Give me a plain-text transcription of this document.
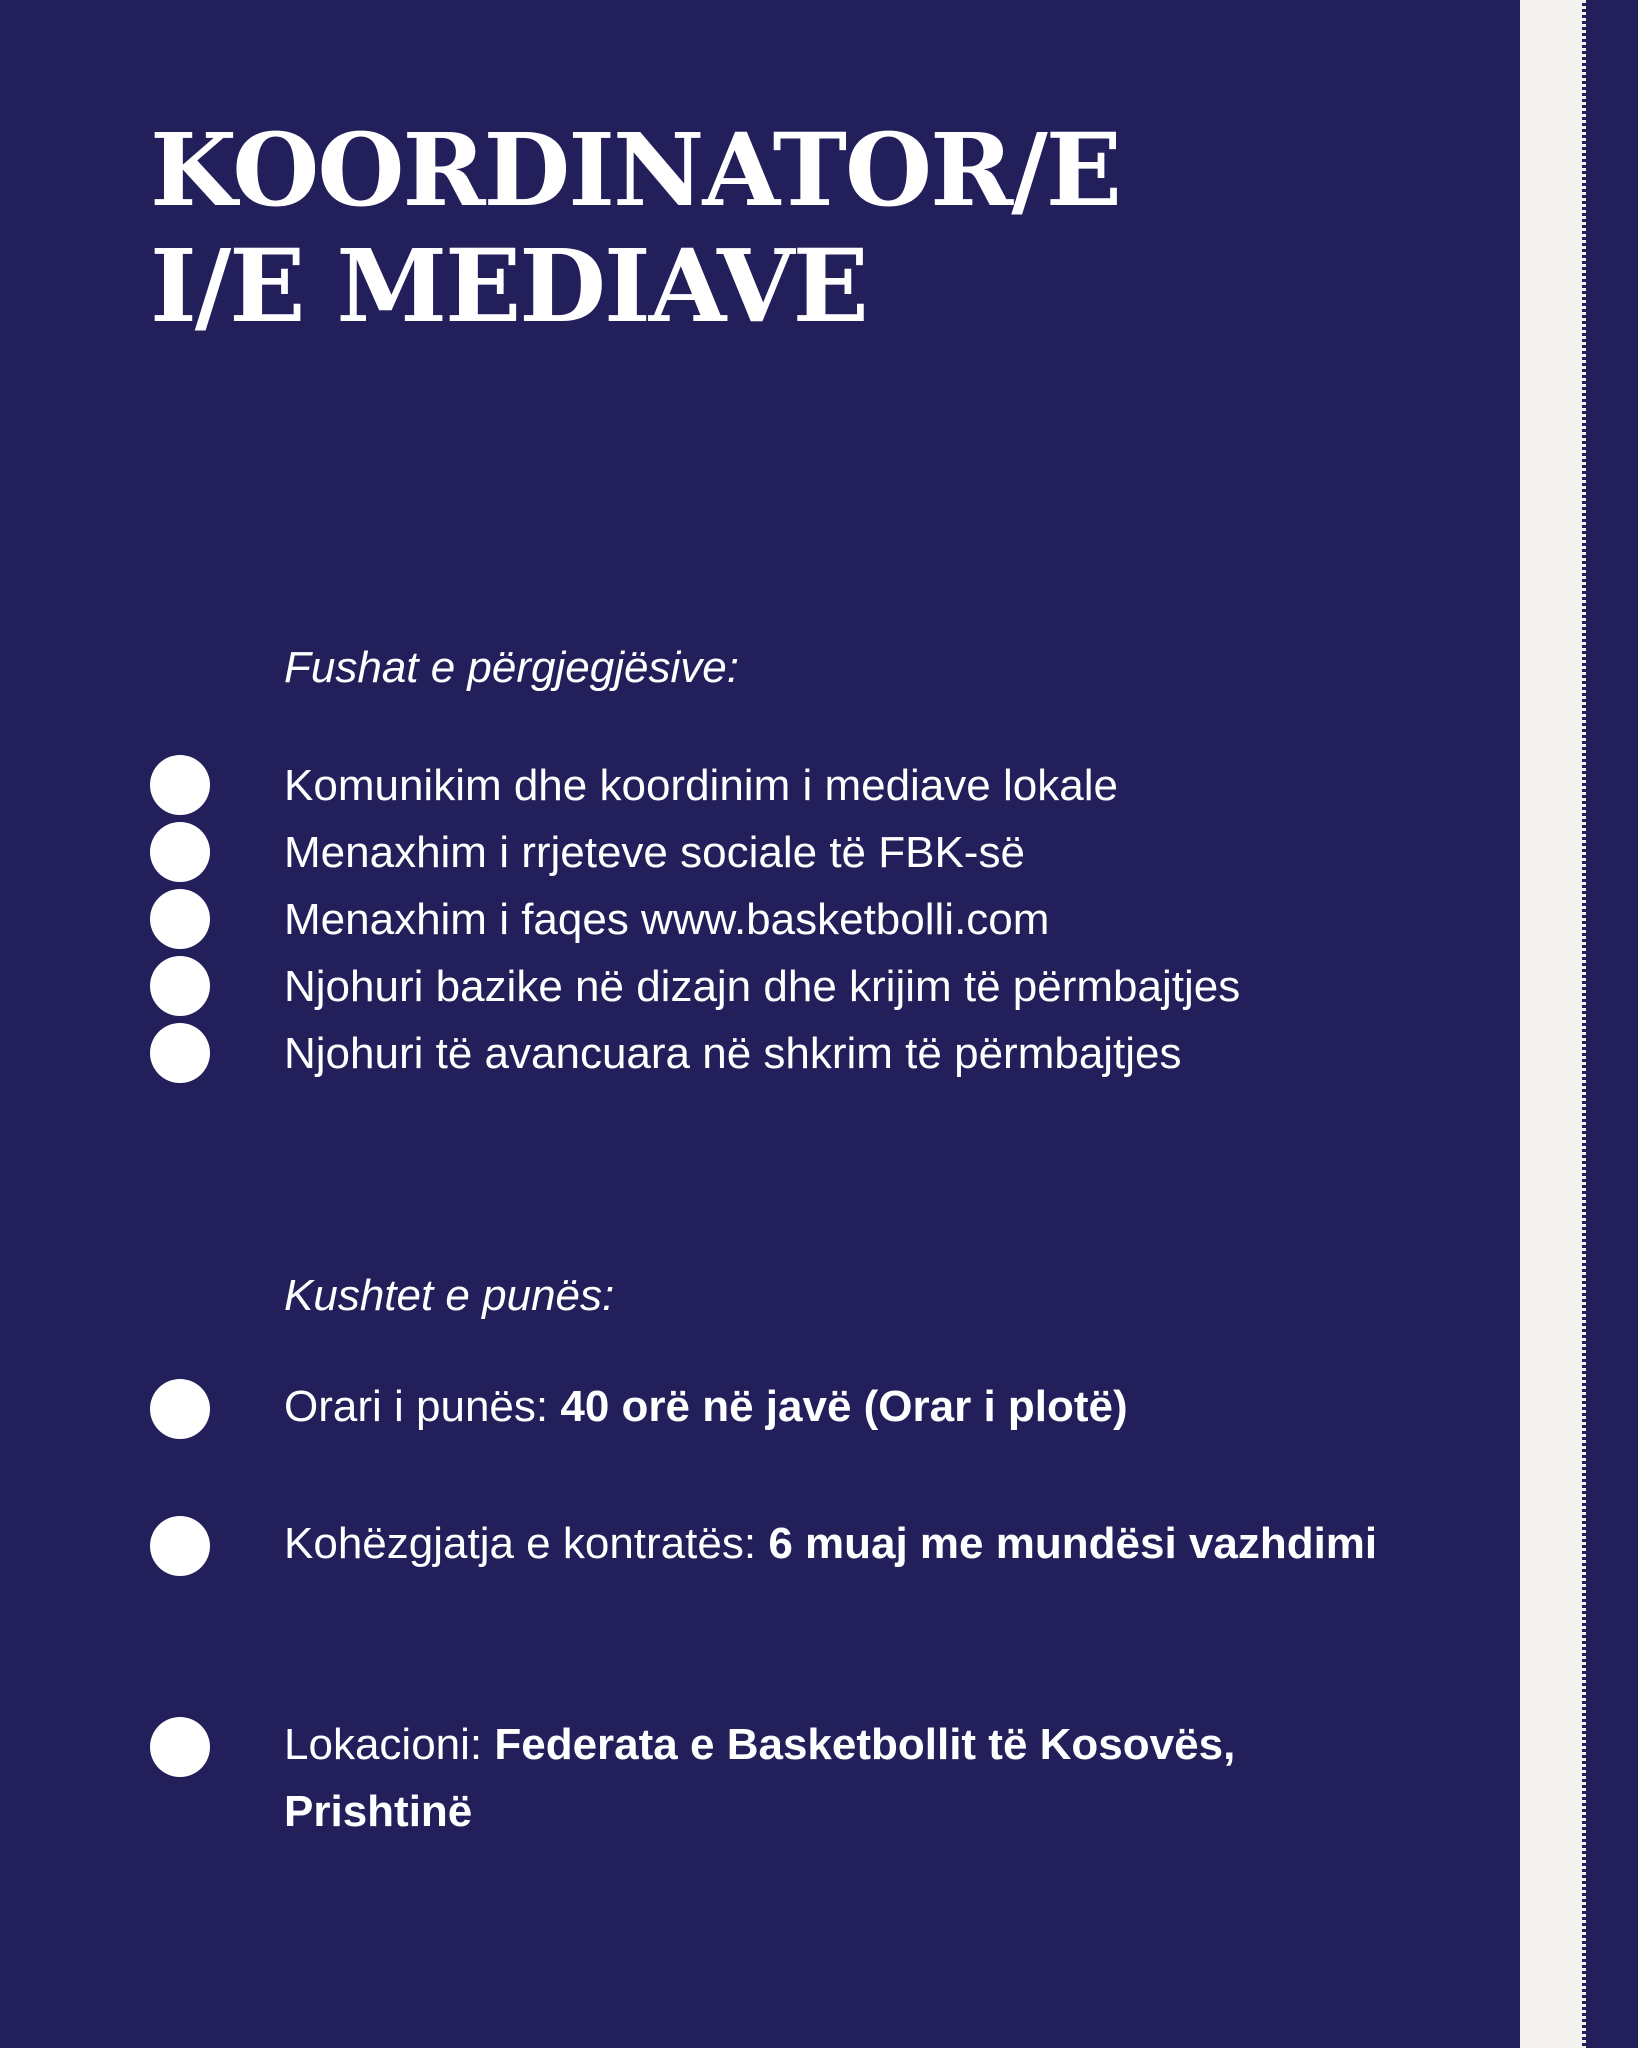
KOORDINATOR/E
I/E MEDIAVE
Fushat e përgjegjësive:
Komunikim dhe koordinim i mediave lokale
Menaxhim i rrjeteve sociale të FBK-së
Menaxhim i faqes www.basketbolli.com
Njohuri bazike në dizajn dhe krijim të përmbajtjes
Njohuri të avancuara në shkrim të përmbajtjes
Kushtet e punës:

Orari i punës: 40 orë në javë (Orar i plotë)

Kohëzgjatja e kontratës: 6 muaj me mundësi vazhdimi

Lokacioni: Federata e Basketbollit të Kosovës, Prishtinë
